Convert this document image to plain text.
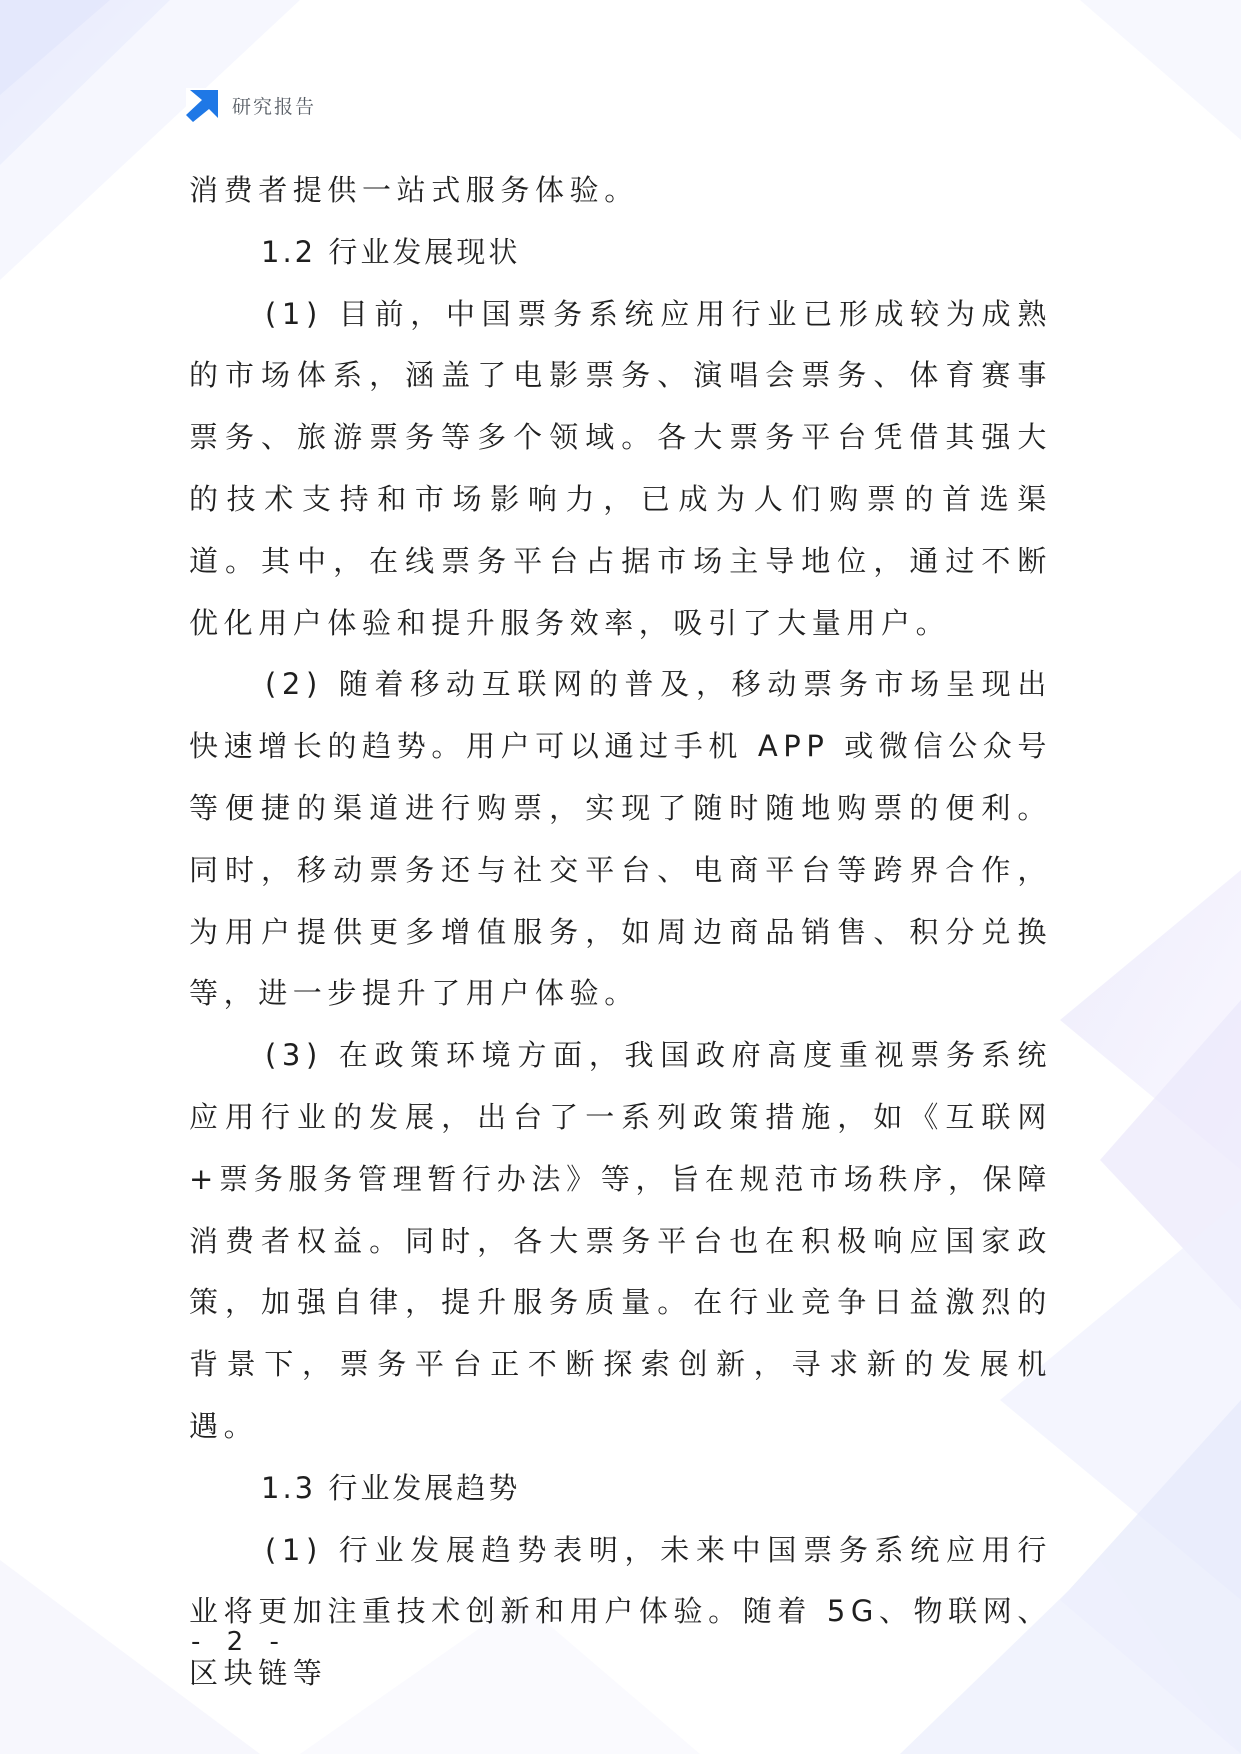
研究报告

消费者提供一站式服务体验。

1.2 行业发展现状

(1) 目前，中国票务系统应用行业已形成较为成熟的市场体系，涵盖了电影票务、演唱会票务、体育赛事票务、旅游票务等多个领域。各大票务平台凭借其强大的技术支持和市场影响力，已成为人们购票的首选渠道。其中，在线票务平台占据市场主导地位，通过不断优化用户体验和提升服务效率，吸引了大量用户。

(2) 随着移动互联网的普及，移动票务市场呈现出快速增长的趋势。用户可以通过手机 APP 或微信公众号等便捷的渠道进行购票，实现了随时随地购票的便利。同时，移动票务还与社交平台、电商平台等跨界合作，为用户提供更多增值服务，如周边商品销售、积分兑换等，进一步提升了用户体验。

(3) 在政策环境方面，我国政府高度重视票务系统应用行业的发展，出台了一系列政策措施，如《互联网+票务服务管理暂行办法》等，旨在规范市场秩序，保障消费者权益。同时，各大票务平台也在积极响应国家政策，加强自律，提升服务质量。在行业竞争日益激烈的背景下，票务平台正不断探索创新，寻求新的发展机遇。

1.3 行业发展趋势

(1) 行业发展趋势表明，未来中国票务系统应用行业将更加注重技术创新和用户体验。随着 5G、物联网、区块链等

- 2 -
